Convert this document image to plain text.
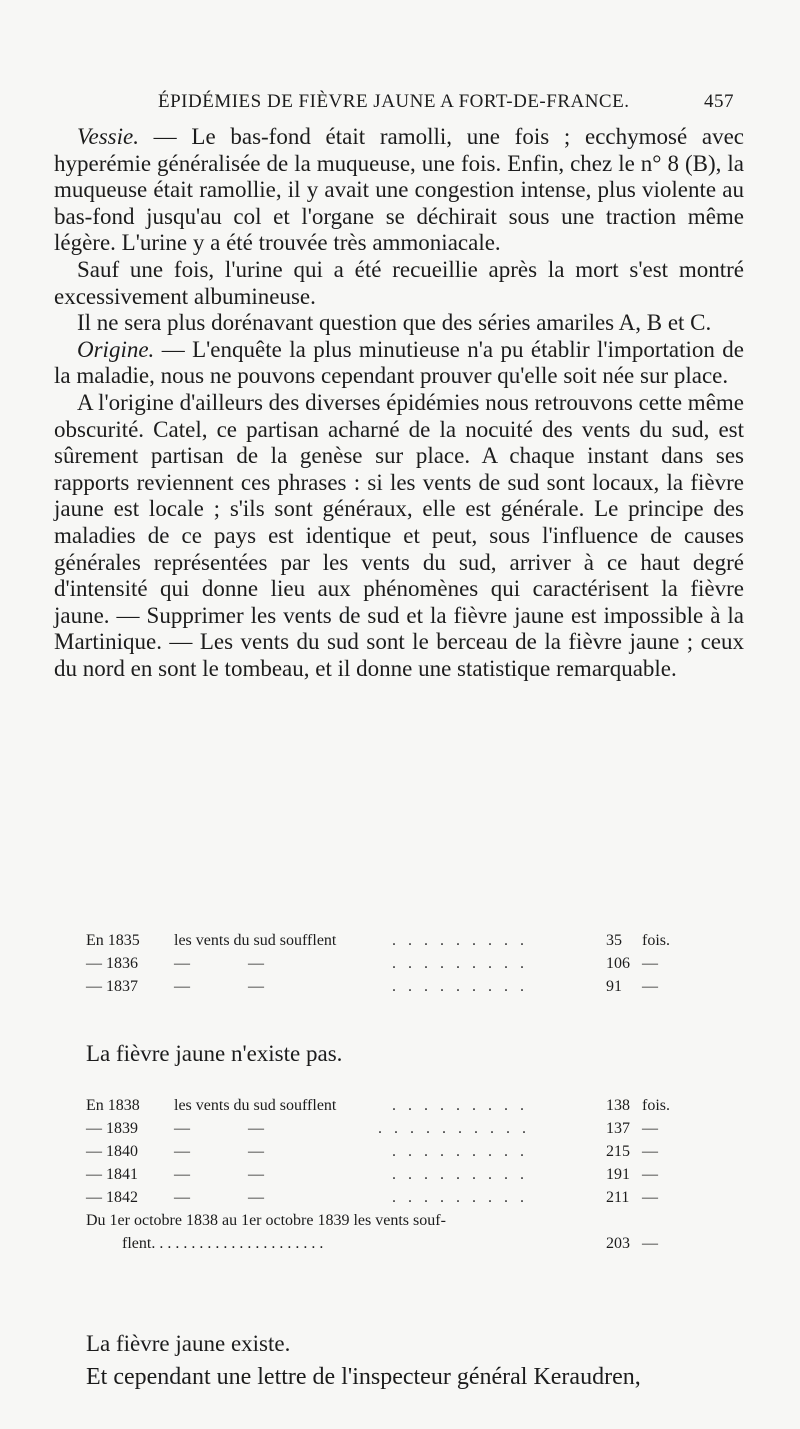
ÉPIDÉMIES DE FIÈVRE JAUNE A FORT-DE-FRANCE.	457

Vessie. — Le bas-fond était ramolli, une fois ; ecchymosé avec hyperémie généralisée de la muqueuse, une fois. Enfin, chez le n° 8 (B), la muqueuse était ramollie, il y avait une congestion intense, plus violente au bas-fond jusqu'au col et l'organe se déchirait sous une traction même légère. L'urine y a été trouvée très ammoniacale.

Sauf une fois, l'urine qui a été recueillie après la mort s'est montré excessivement albumineuse.

Il ne sera plus dorénavant question que des séries amariles A, B et C.

Origine. — L'enquête la plus minutieuse n'a pu établir l'importation de la maladie, nous ne pouvons cependant prouver qu'elle soit née sur place.

A l'origine d'ailleurs des diverses épidémies nous retrouvons cette même obscurité. Catel, ce partisan acharné de la nocuité des vents du sud, est sûrement partisan de la genèse sur place. A chaque instant dans ses rapports reviennent ces phrases : si les vents de sud sont locaux, la fièvre jaune est locale ; s'ils sont généraux, elle est générale. Le principe des maladies de ce pays est identique et peut, sous l'influence de causes générales représentées par les vents du sud, arriver à ce haut degré d'intensité qui donne lieu aux phénomènes qui caractérisent la fièvre jaune. — Supprimer les vents de sud et la fièvre jaune est impossible à la Martinique. — Les vents du sud sont le berceau de la fièvre jaune ; ceux du nord en sont le tombeau, et il donne une statistique remarquable.

En 1835 les vents du sud soufflent	. . . . . . . . .	35 fois.
— 1836 —	—	. . . . . . . . .	106 —
— 1837 —	—	. . . . . . . . .	91 —
La fièvre jaune n'existe pas.
En 1838 les vents du sud soufflent	. . . . . . . . .	138 fois.
— 1839 —	—	. . . . . . . . . .	137 —
— 1840 —	—	. . . . . . . . .	215 —
— 1841 —	—	. . . . . . . . .	191 —
— 1842 —	—	. . . . . . . . .	211 —
Du 1er octobre 1838 au 1er octobre 1839 les vents souf-
flent. . . . . . . . . . . . . . . . . . . . . .	203 —
La fièvre jaune existe.
Et cependant une lettre de l'inspecteur général Keraudren,
